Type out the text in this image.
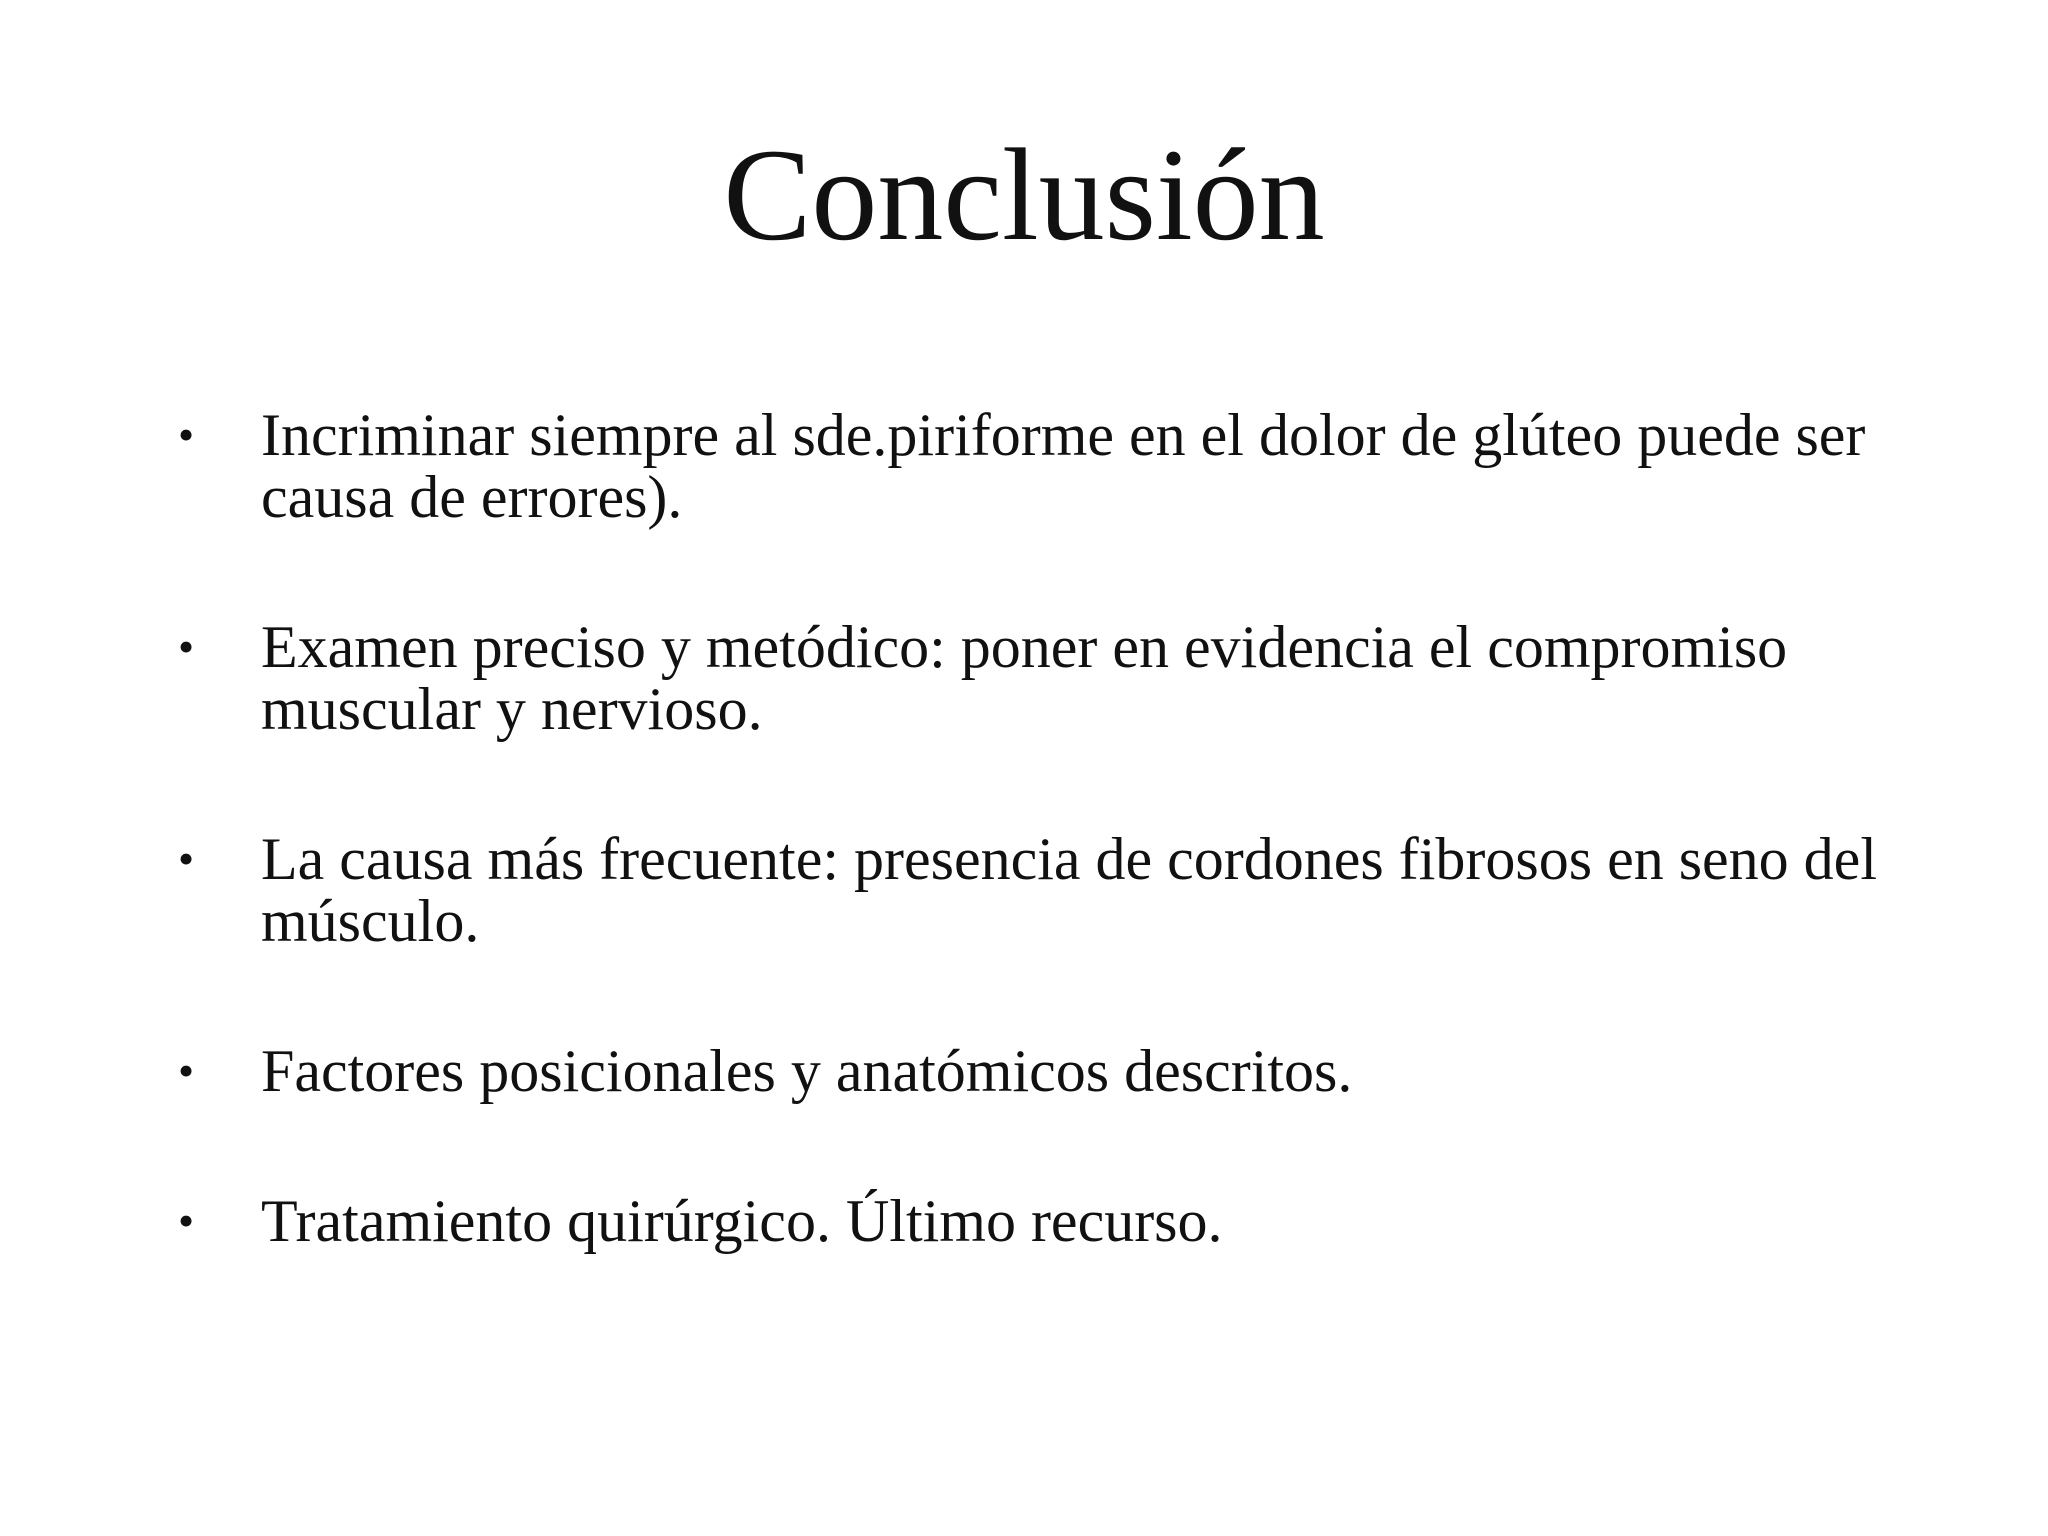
Conclusión
•	Incriminar siempre al sde.piriforme en el dolor de glúteo puede ser causa de errores).
•	Examen preciso y metódico: poner en evidencia el compromiso muscular y nervioso.
•	La causa más frecuente: presencia de cordones fibrosos en seno del músculo.
•	Factores posicionales y anatómicos descritos.
•	Tratamiento quirúrgico. Último recurso.
